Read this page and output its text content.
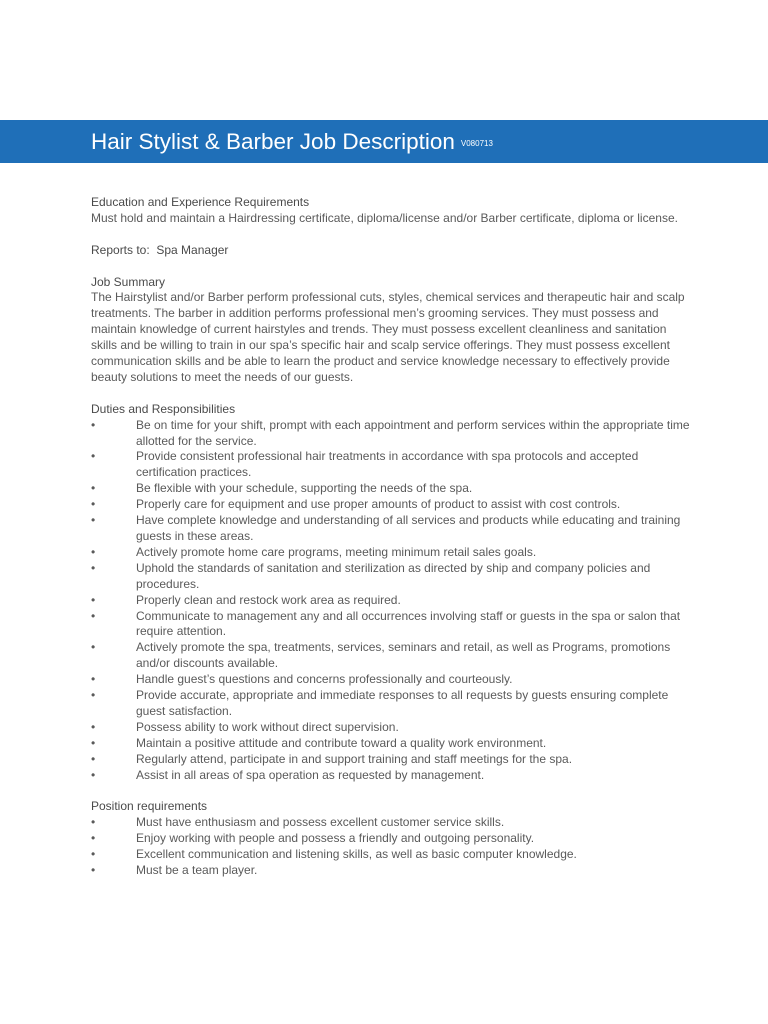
Hair Stylist & Barber Job Description V080713

Education and Experience Requirements

Must hold and maintain a Hairdressing certificate, diploma/license and/or Barber certificate, diploma or license.

Reports to: Spa Manager

Job Summary

The Hairstylist and/or Barber perform professional cuts, styles, chemical services and therapeutic hair and scalp treatments. The barber in addition performs professional men’s grooming services. They must possess and maintain knowledge of current hairstyles and trends. They must possess excellent cleanliness and sanitation skills and be willing to train in our spa’s specific hair and scalp service offerings. They must possess excellent communication skills and be able to learn the product and service knowledge necessary to effectively provide beauty solutions to meet the needs of our guests.

Duties and Responsibilities

•	Be on time for your shift, prompt with each appointment and perform services within the appropriate time allotted for the service.
•	Provide consistent professional hair treatments in accordance with spa protocols and accepted certification practices.
•	Be flexible with your schedule, supporting the needs of the spa.
•	Properly care for equipment and use proper amounts of product to assist with cost controls.
•	Have complete knowledge and understanding of all services and products while educating and training guests in these areas.
•	Actively promote home care programs, meeting minimum retail sales goals.
•	Uphold the standards of sanitation and sterilization as directed by ship and company policies and procedures.
•	Properly clean and restock work area as required.
•	Communicate to management any and all occurrences involving staff or guests in the spa or salon that require attention.
•	Actively promote the spa, treatments, services, seminars and retail, as well as Programs, promotions and/or discounts available.
•	Handle guest’s questions and concerns professionally and courteously.
•	Provide accurate, appropriate and immediate responses to all requests by guests ensuring complete guest satisfaction.
•	Possess ability to work without direct supervision.
•	Maintain a positive attitude and contribute toward a quality work environment.
•	Regularly attend, participate in and support training and staff meetings for the spa.
•	Assist in all areas of spa operation as requested by management.

Position requirements

•	Must have enthusiasm and possess excellent customer service skills.
•	Enjoy working with people and possess a friendly and outgoing personality.
•	Excellent communication and listening skills, as well as basic computer knowledge.
•	Must be a team player.
